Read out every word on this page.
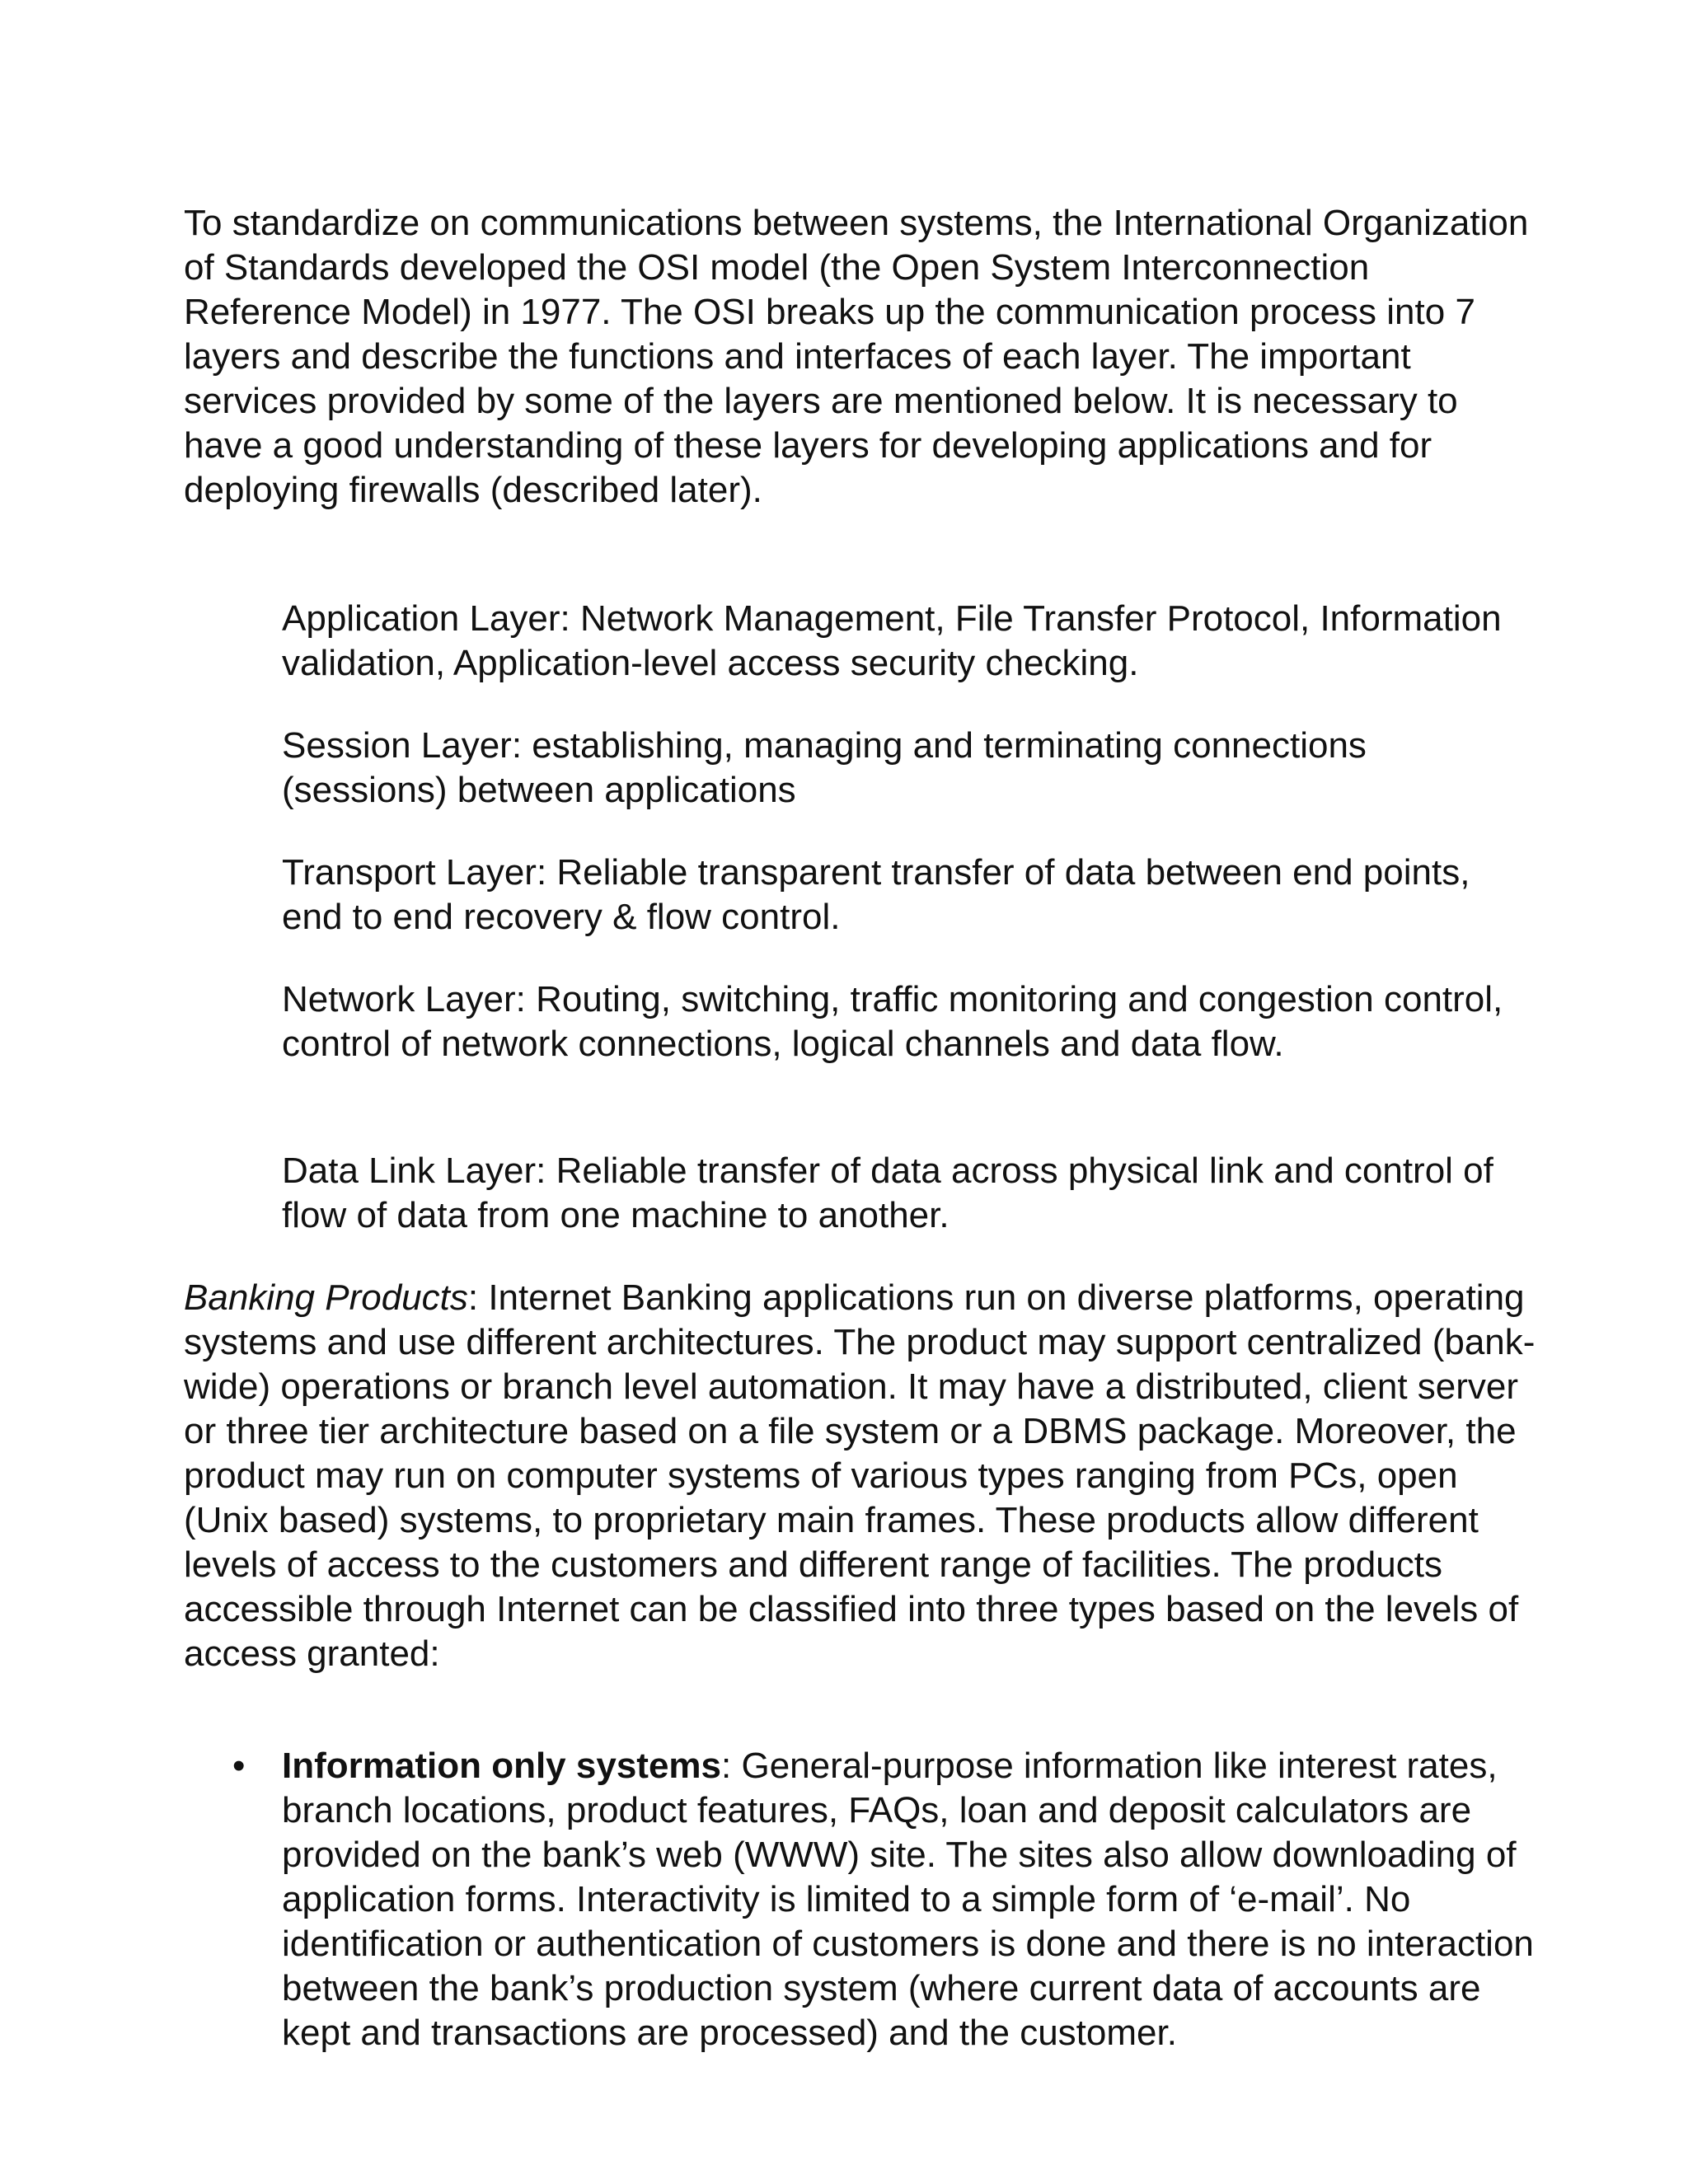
To standardize on communications between systems, the International Organization of Standards developed the OSI model (the Open System Interconnection Reference Model) in 1977. The OSI breaks up the communication process into 7 layers and describe the functions and interfaces of each layer. The important services provided by some of the layers are mentioned below. It is necessary to have a good understanding of these layers for developing applications and for deploying firewalls (described later).

Application Layer: Network Management, File Transfer Protocol, Information validation, Application-level access security checking.

Session Layer: establishing, managing and terminating connections (sessions) between applications

Transport Layer: Reliable transparent transfer of data between end points, end to end recovery & flow control.

Network Layer: Routing, switching, traffic monitoring and congestion control, control of network connections, logical channels and data flow.

Data Link Layer: Reliable transfer of data across physical link and control of flow of data from one machine to another.

Banking Products: Internet Banking applications run on diverse platforms, operating systems and use different architectures. The product may support centralized (bank-wide) operations or branch level automation. It may have a distributed, client server or three tier architecture based on a file system or a DBMS package. Moreover, the product may run on computer systems of various types ranging from PCs, open (Unix based) systems, to proprietary main frames. These products allow different levels of access to the customers and different range of facilities. The products accessible through Internet can be classified into three types based on the levels of access granted:

• Information only systems: General-purpose information like interest rates, branch locations, product features, FAQs, loan and deposit calculators are provided on the bank’s web (WWW) site. The sites also allow downloading of application forms. Interactivity is limited to a simple form of ‘e-mail’. No identification or authentication of customers is done and there is no interaction between the bank’s production system (where current data of accounts are kept and transactions are processed) and the customer.
